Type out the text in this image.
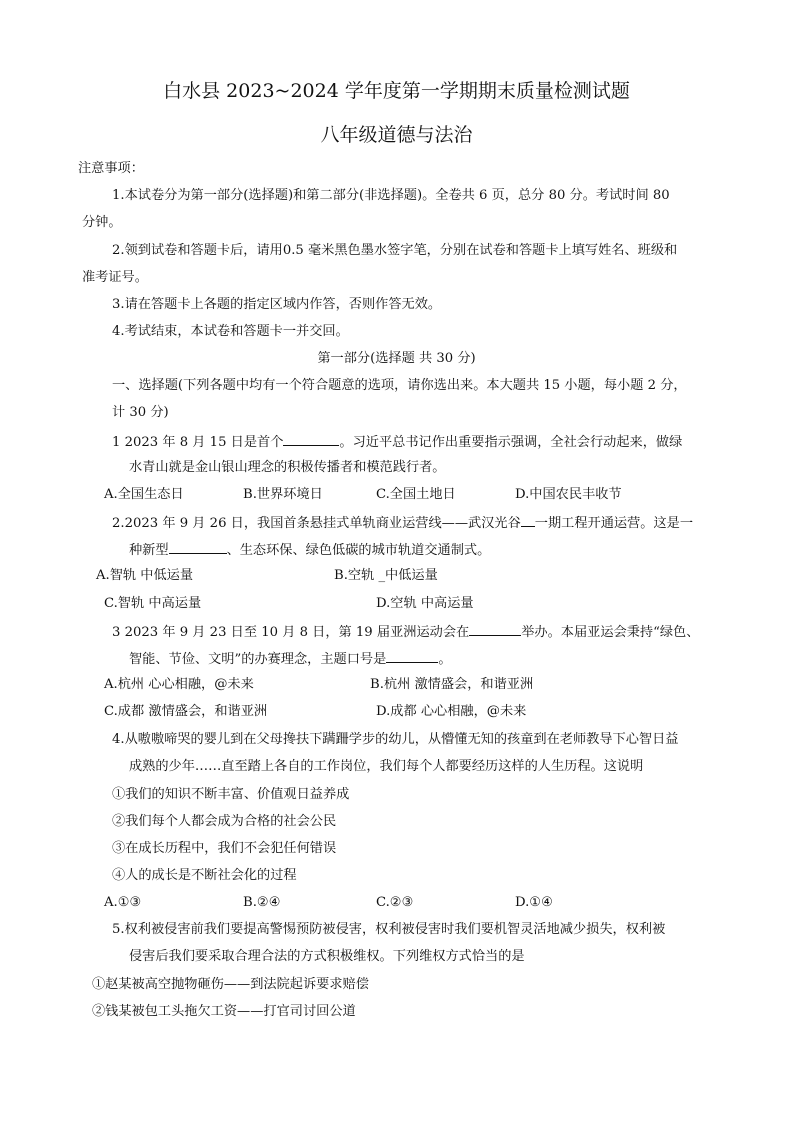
白水县 2023~2024 学年度第一学期期末质量检测试题
八年级道德与法治
注意事项：
1.本试卷分为第一部分(选择题)和第二部分(非选择题)。全卷共 6 页，总分 80 分。考试时间 80
分钟。
2.领到试卷和答题卡后，请用0.5 毫米黑色墨水签字笔，分别在试卷和答题卡上填写姓名、班级和
准考证号。
3.请在答题卡上各题的指定区域内作答，否则作答无效。
4.考试结束，本试卷和答题卡一并交回。
第一部分(选择题 共 30 分)
一、选择题(下列各题中均有一个符合题意的选项，请你选出来。本大题共 15 小题，每小题 2 分，
计 30 分)
1 2023 年 8 月 15 日是首个	。习近平总书记作出重要指示强调，全社会行动起来，做绿
水青山就是金山银山理念的积极传播者和模范践行者。
A.全国生态日	B.世界环境日	C.全国土地日	D.中国农民丰收节
2.2023 年 9 月 26 日，我国首条悬挂式单轨商业运营线——武汉光谷 一期工程开通运营。这是一
种新型	、生态环保、绿色低碳的城市轨道交通制式。
A.智轨 中低运量	B.空轨 _中低运量
C.智轨 中高运量	D.空轨 中高运量
3 2023 年 9 月 23 日至 10 月 8 日，第 19 届亚洲运动会在	举办。本届亚运会秉持“绿色、
智能、节俭、文明”的办赛理念，主题口号是	。
A.杭州 心心相融，@未来	B.杭州 激情盛会，和谐亚洲
C.成都 激情盛会，和谐亚洲	D.成都 心心相融，@未来
4.从嗷嗷啼哭的婴儿到在父母搀扶下蹒跚学步的幼儿，从懵懂无知的孩童到在老师教导下心智日益
成熟的少年……直至踏上各自的工作岗位，我们每个人都要经历这样的人生历程。这说明
①我们的知识不断丰富、价值观日益养成
②我们每个人都会成为合格的社会公民
③在成长历程中，我们不会犯任何错误
④人的成长是不断社会化的过程
A.①③	B.②④	C.②③	D.①④
5.权利被侵害前我们要提高警惕预防被侵害，权利被侵害时我们要机智灵活地减少损失，权利被
侵害后我们要采取合理合法的方式积极维权。下列维权方式恰当的是
①赵某被高空抛物砸伤——到法院起诉要求赔偿
②钱某被包工头拖欠工资——打官司讨回公道
